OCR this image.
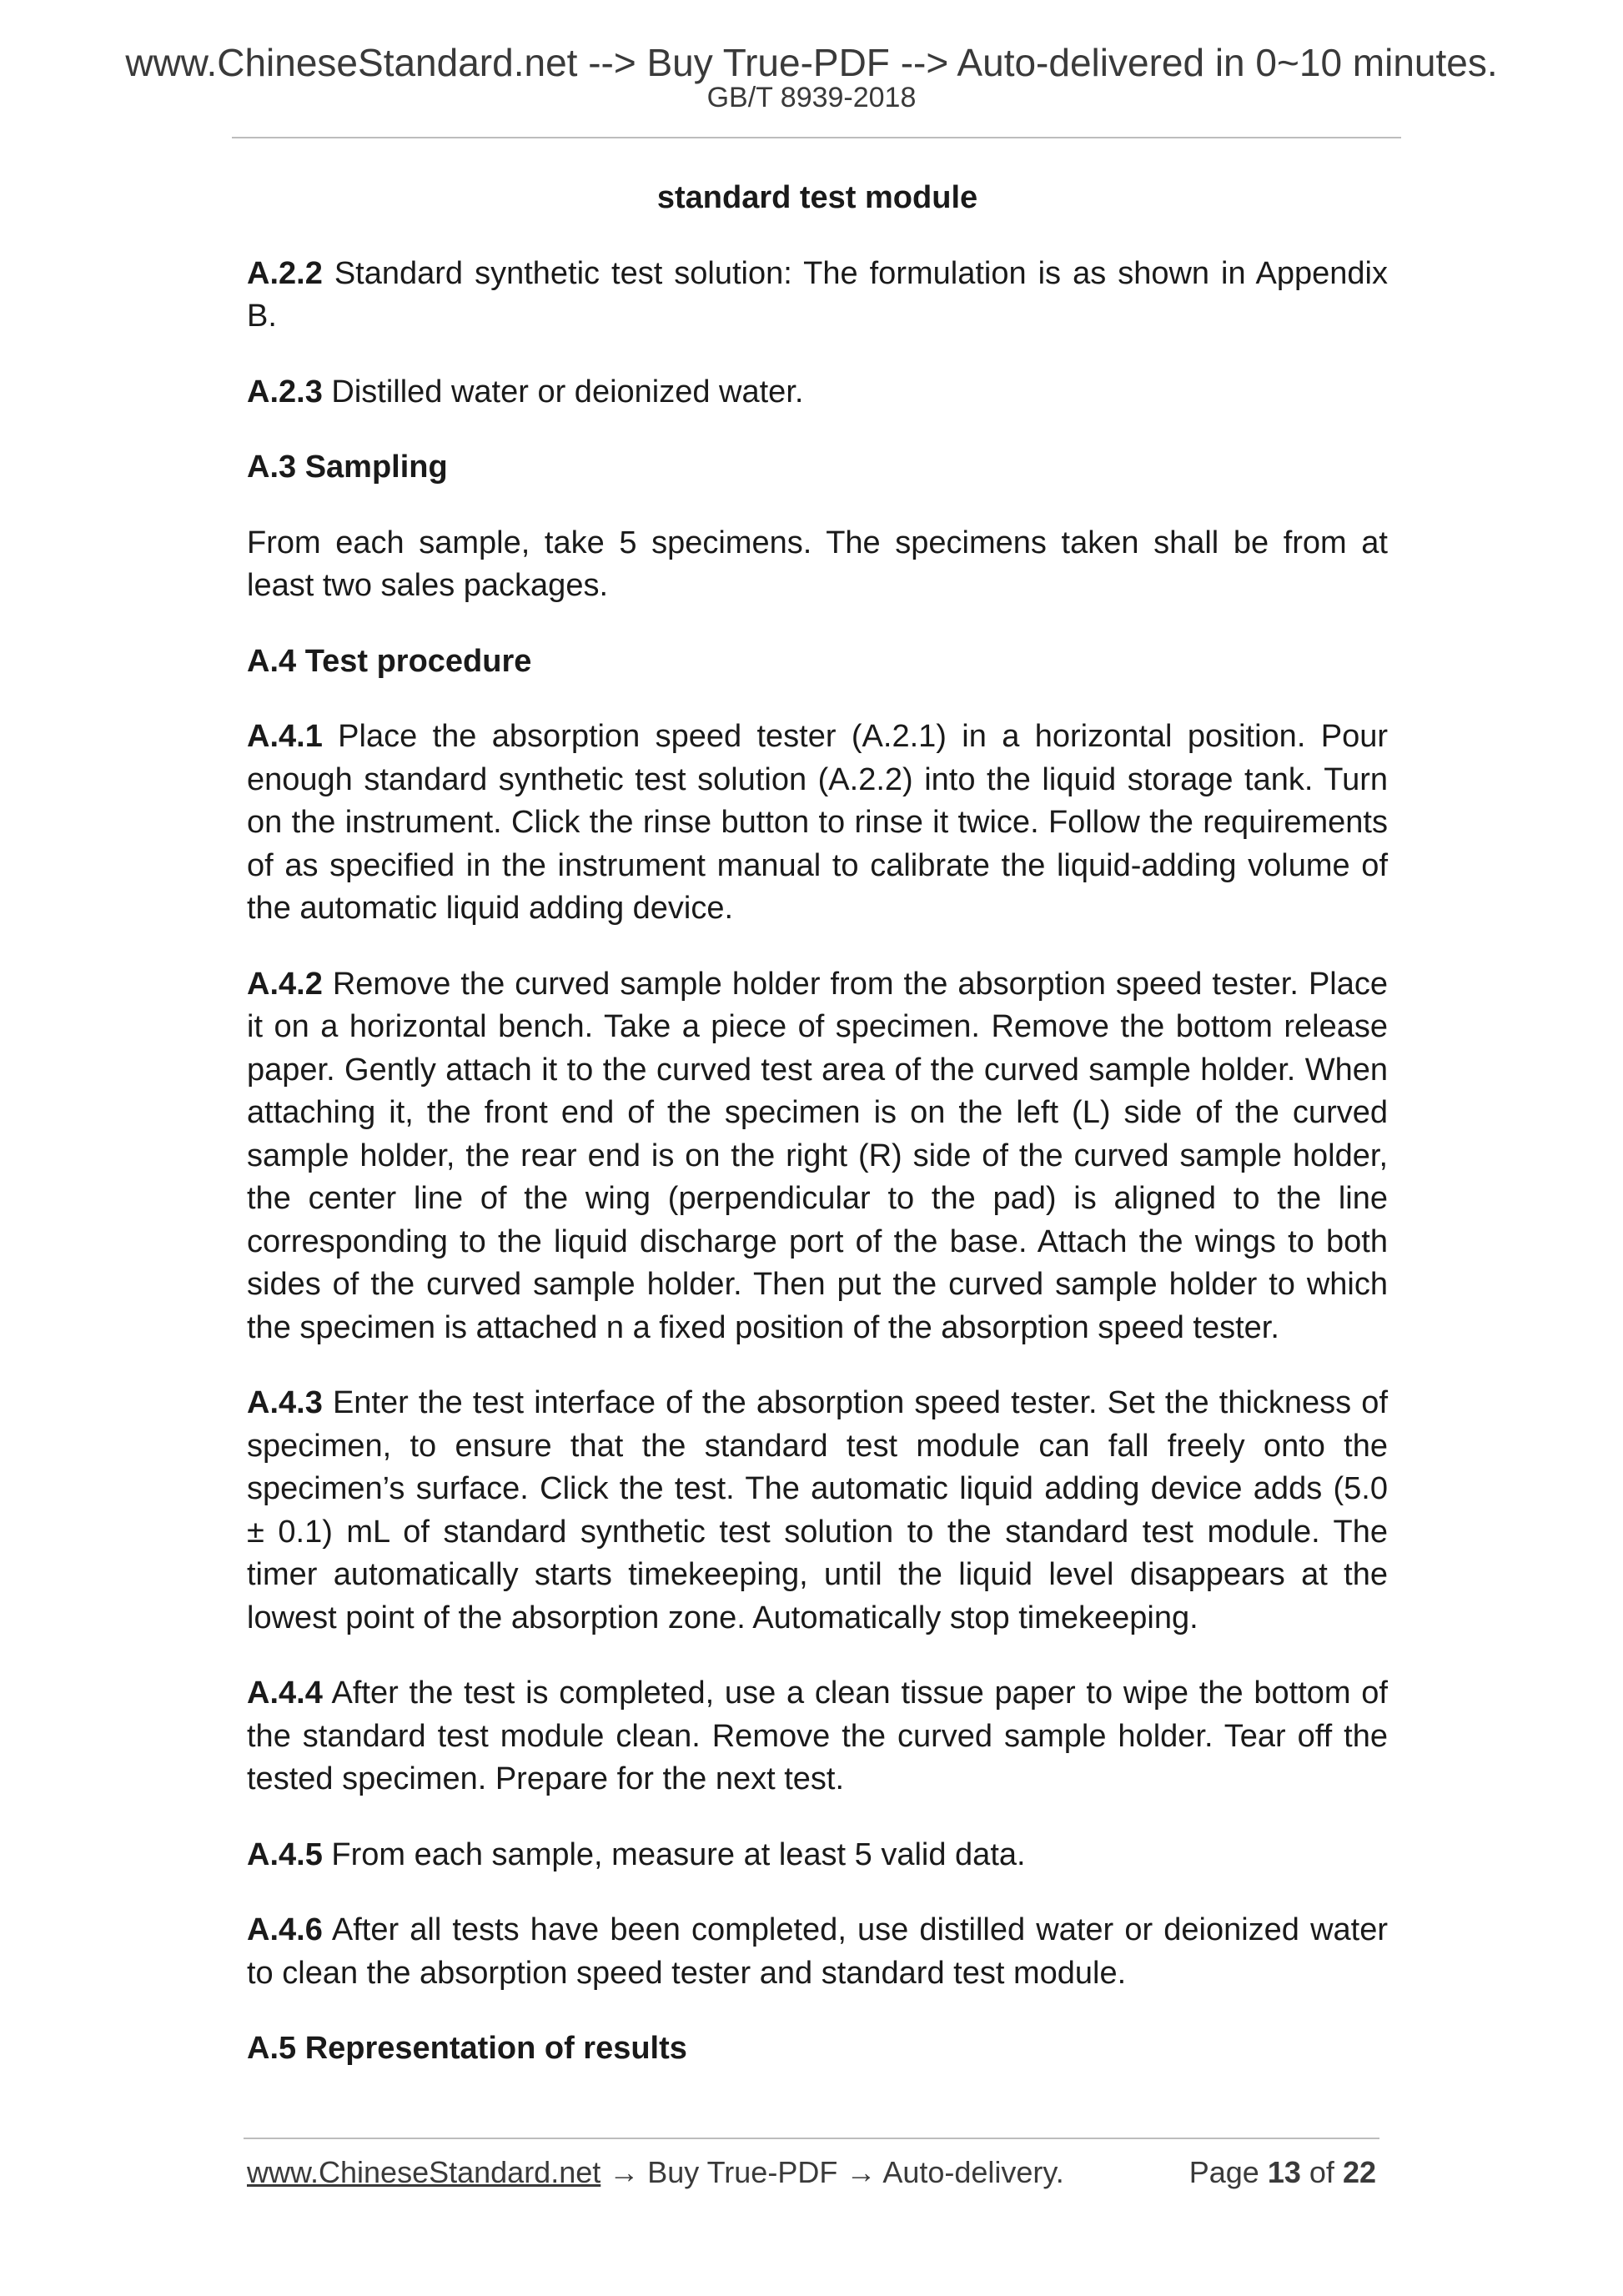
www.ChineseStandard.net --> Buy True-PDF --> Auto-delivered in 0~10 minutes.
GB/T 8939-2018

standard test module

A.2.2 Standard synthetic test solution: The formulation is as shown in Appendix B.

A.2.3 Distilled water or deionized water.

A.3 Sampling

From each sample, take 5 specimens. The specimens taken shall be from at least two sales packages.

A.4 Test procedure

A.4.1 Place the absorption speed tester (A.2.1) in a horizontal position. Pour enough standard synthetic test solution (A.2.2) into the liquid storage tank. Turn on the instrument. Click the rinse button to rinse it twice. Follow the requirements of as specified in the instrument manual to calibrate the liquid-adding volume of the automatic liquid adding device.

A.4.2 Remove the curved sample holder from the absorption speed tester. Place it on a horizontal bench. Take a piece of specimen. Remove the bottom release paper. Gently attach it to the curved test area of the curved sample holder. When attaching it, the front end of the specimen is on the left (L) side of the curved sample holder, the rear end is on the right (R) side of the curved sample holder, the center line of the wing (perpendicular to the pad) is aligned to the line corresponding to the liquid discharge port of the base. Attach the wings to both sides of the curved sample holder. Then put the curved sample holder to which the specimen is attached n a fixed position of the absorption speed tester.

A.4.3 Enter the test interface of the absorption speed tester. Set the thickness of specimen, to ensure that the standard test module can fall freely onto the specimen’s surface. Click the test. The automatic liquid adding device adds (5.0 ± 0.1) mL of standard synthetic test solution to the standard test module. The timer automatically starts timekeeping, until the liquid level disappears at the lowest point of the absorption zone. Automatically stop timekeeping.

A.4.4 After the test is completed, use a clean tissue paper to wipe the bottom of the standard test module clean. Remove the curved sample holder. Tear off the tested specimen. Prepare for the next test.

A.4.5 From each sample, measure at least 5 valid data.

A.4.6 After all tests have been completed, use distilled water or deionized water to clean the absorption speed tester and standard test module.

A.5 Representation of results

www.ChineseStandard.net → Buy True-PDF → Auto-delivery.	Page 13 of 22
